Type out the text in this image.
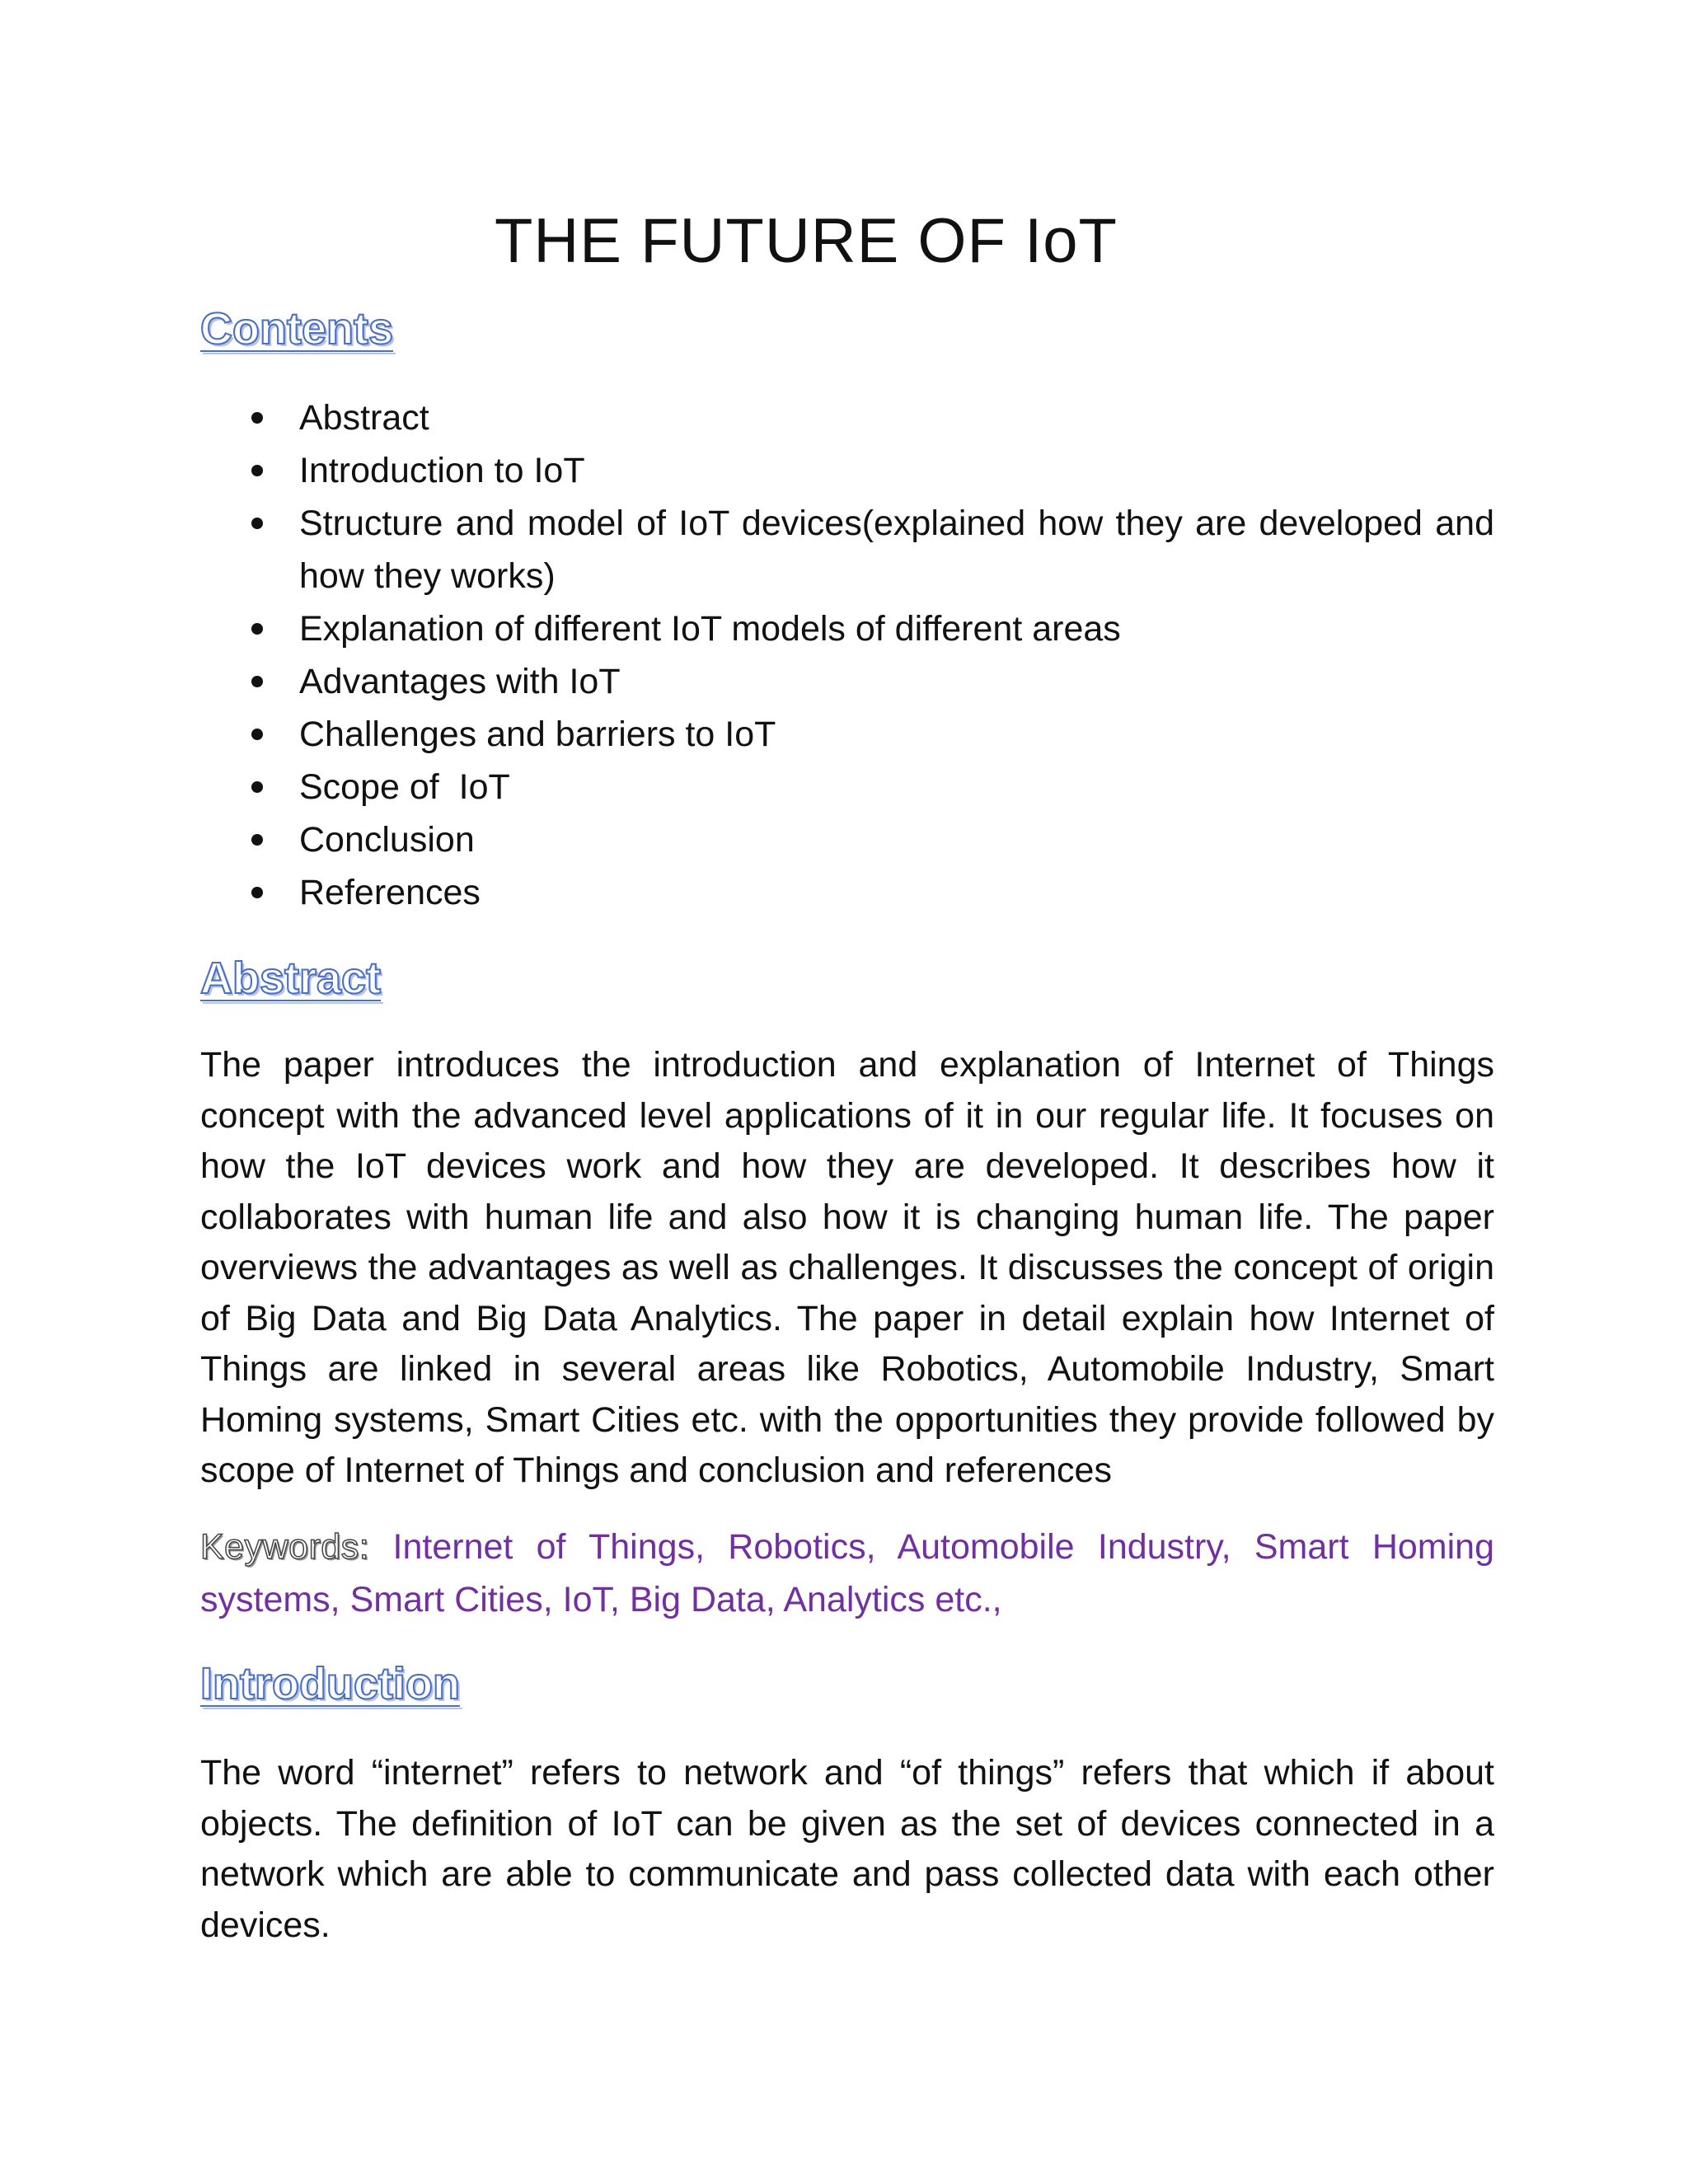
THE FUTURE OF IoT
Contents
Abstract
Introduction to IoT
Structure and model of IoT devices(explained how they are developed and how they works)
Explanation of different IoT models of different areas
Advantages with IoT
Challenges and barriers to IoT
Scope of  IoT
Conclusion
References
Abstract

The paper introduces the introduction and explanation of Internet of Things concept with the advanced level applications of it in our regular life. It focuses on how the IoT devices work and how they are developed. It describes how it collaborates with human life and also how it is changing human life. The paper overviews the advantages as well as challenges. It discusses the concept of origin of Big Data and Big Data Analytics. The paper in detail explain how Internet of Things are linked in several areas like Robotics, Automobile Industry, Smart Homing systems, Smart Cities etc. with the opportunities they provide followed by scope of Internet of Things and conclusion and references

Keywords: Internet of Things, Robotics, Automobile Industry, Smart Homing systems, Smart Cities, IoT, Big Data, Analytics etc.,

Introduction

The word “internet” refers to network and “of things” refers that which if about objects. The definition of IoT can be given as the set of devices connected in a network which are able to communicate and pass collected data with each other devices.
